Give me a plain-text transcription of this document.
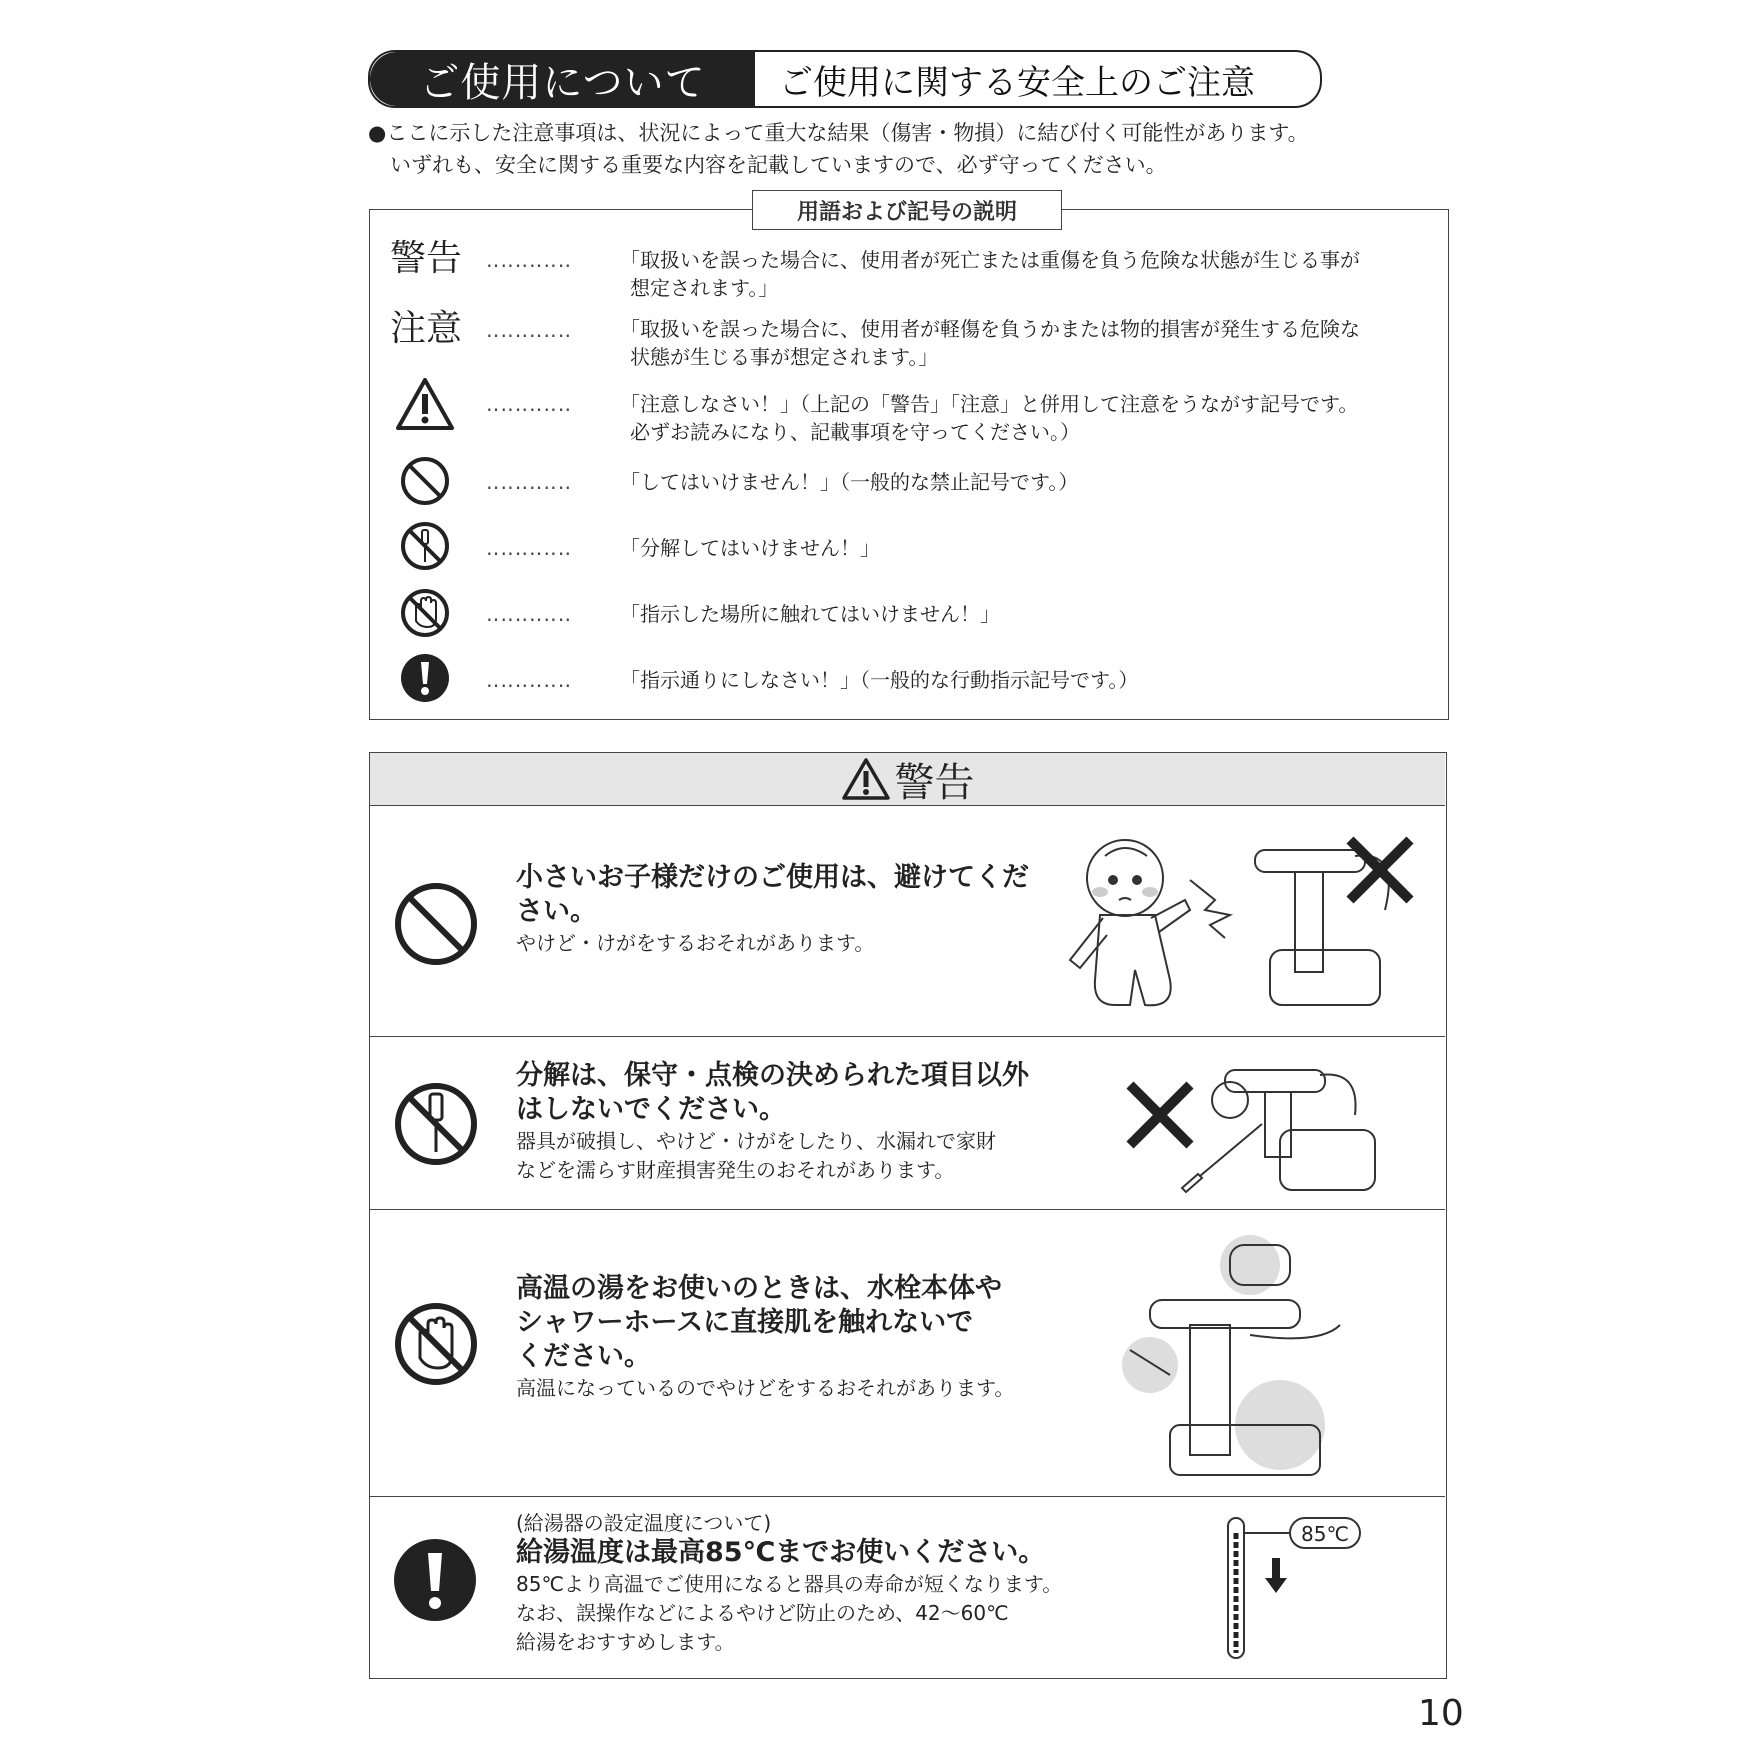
ご使用について	ご使用に関する安全上のご注意
●ここに示した注意事項は、状況によって重大な結果（傷害・物損）に結び付く可能性があります。
いずれも、安全に関する重要な内容を記載していますので、必ず守ってください。
用語および記号の説明
警告 ‥‥‥‥‥‥ 「取扱いを誤った場合に、使用者が死亡または重傷を負う危険な状態が生じる事が
想定されます。」
注意 ‥‥‥‥‥‥ 「取扱いを誤った場合に、使用者が軽傷を負うかまたは物的損害が発生する危険な
状態が生じる事が想定されます。」
‥‥‥‥‥‥ 「注意しなさい！」（上記の「警告」「注意」と併用して注意をうながす記号です。
必ずお読みになり、記載事項を守ってください。）
‥‥‥‥‥‥ 「してはいけません！」（一般的な禁止記号です。）
‥‥‥‥‥‥ 「分解してはいけません！」
‥‥‥‥‥‥ 「指示した場所に触れてはいけません！」
‥‥‥‥‥‥ 「指示通りにしなさい！」（一般的な行動指示記号です。）
警告
小さいお子様だけのご使用は、避けてくだ
さい。
やけど・けがをするおそれがあります。
分解は、保守・点検の決められた項目以外
はしないでください。
器具が破損し、やけど・けがをしたり、水漏れで家財
などを濡らす財産損害発生のおそれがあります。
高温の湯をお使いのときは、水栓本体や
シャワーホースに直接肌を触れないで
ください。
高温になっているのでやけどをするおそれがあります。
(給湯器の設定温度について)
給湯温度は最高85℃までお使いください。
85℃より高温でご使用になると器具の寿命が短くなります。
なお、誤操作などによるやけど防止のため、42～60℃
給湯をおすすめします。
85℃
10
